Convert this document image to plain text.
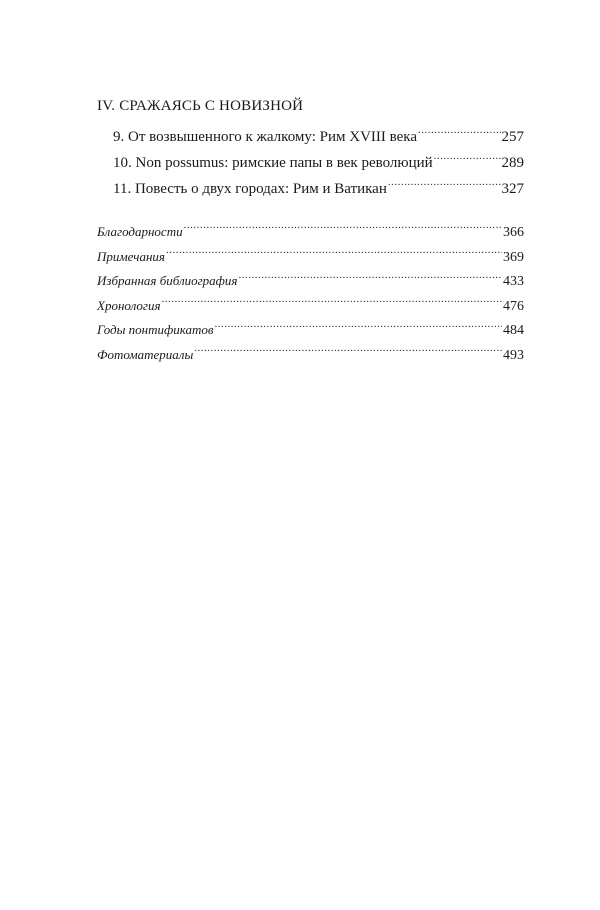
IV. СРАЖАЯСЬ С НОВИЗНОЙ
9. От возвышенного к жалкому: Рим XVIII века .....	257
10. Non possumus: римские папы в век революций .....	289
11. Повесть о двух городах: Рим и Ватикан .....	327
Благодарности .....	366
Примечания .....	369
Избранная библиография .....	433
Хронология .....	476
Годы понтификатов .....	484
Фотоматериалы .....	493
